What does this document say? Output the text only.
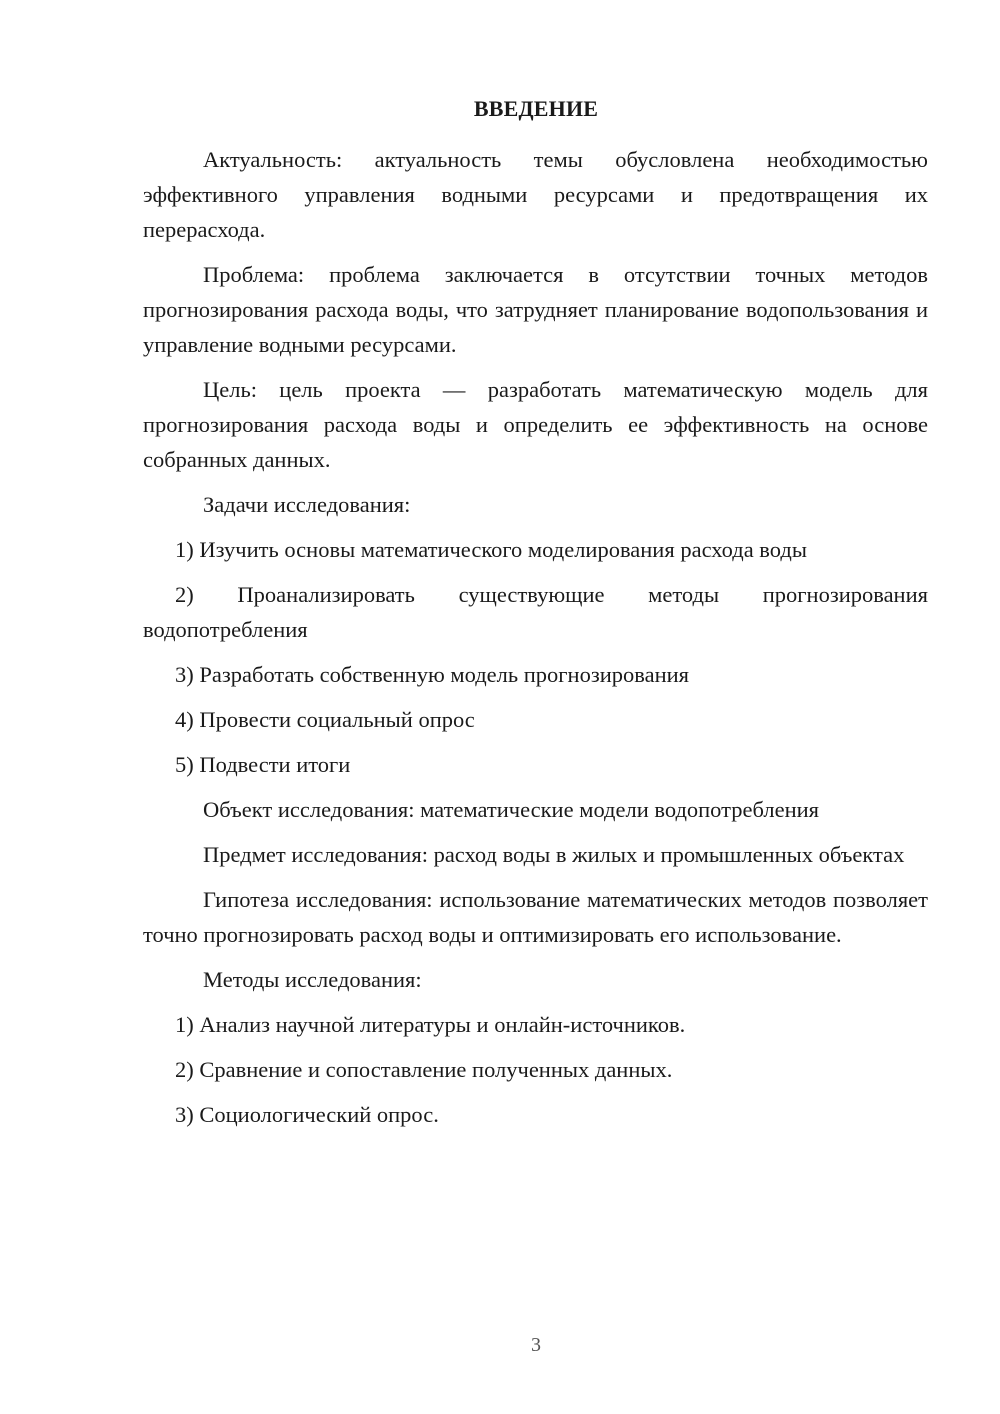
ВВЕДЕНИЕ

Актуальность: актуальность темы обусловлена необходимостью эффективного управления водными ресурсами и предотвращения их перерасхода.

Проблема: проблема заключается в отсутствии точных методов прогнозирования расхода воды, что затрудняет планирование водопользования и управление водными ресурсами.

Цель: цель проекта — разработать математическую модель для прогнозирования расхода воды и определить ее эффективность на основе собранных данных.

Задачи исследования:

1) Изучить основы математического моделирования расхода воды

2) Проанализировать существующие методы прогнозирования водопотребления

3) Разработать собственную модель прогнозирования

4) Провести социальный опрос

5) Подвести итоги

Объект исследования: математические модели водопотребления

Предмет исследования: расход воды в жилых и промышленных объектах

Гипотеза исследования: использование математических методов позволяет точно прогнозировать расход воды и оптимизировать его использование.

Методы исследования:

1) Анализ научной литературы и онлайн-источников.

2) Сравнение и сопоставление полученных данных.

3) Социологический опрос.

3
